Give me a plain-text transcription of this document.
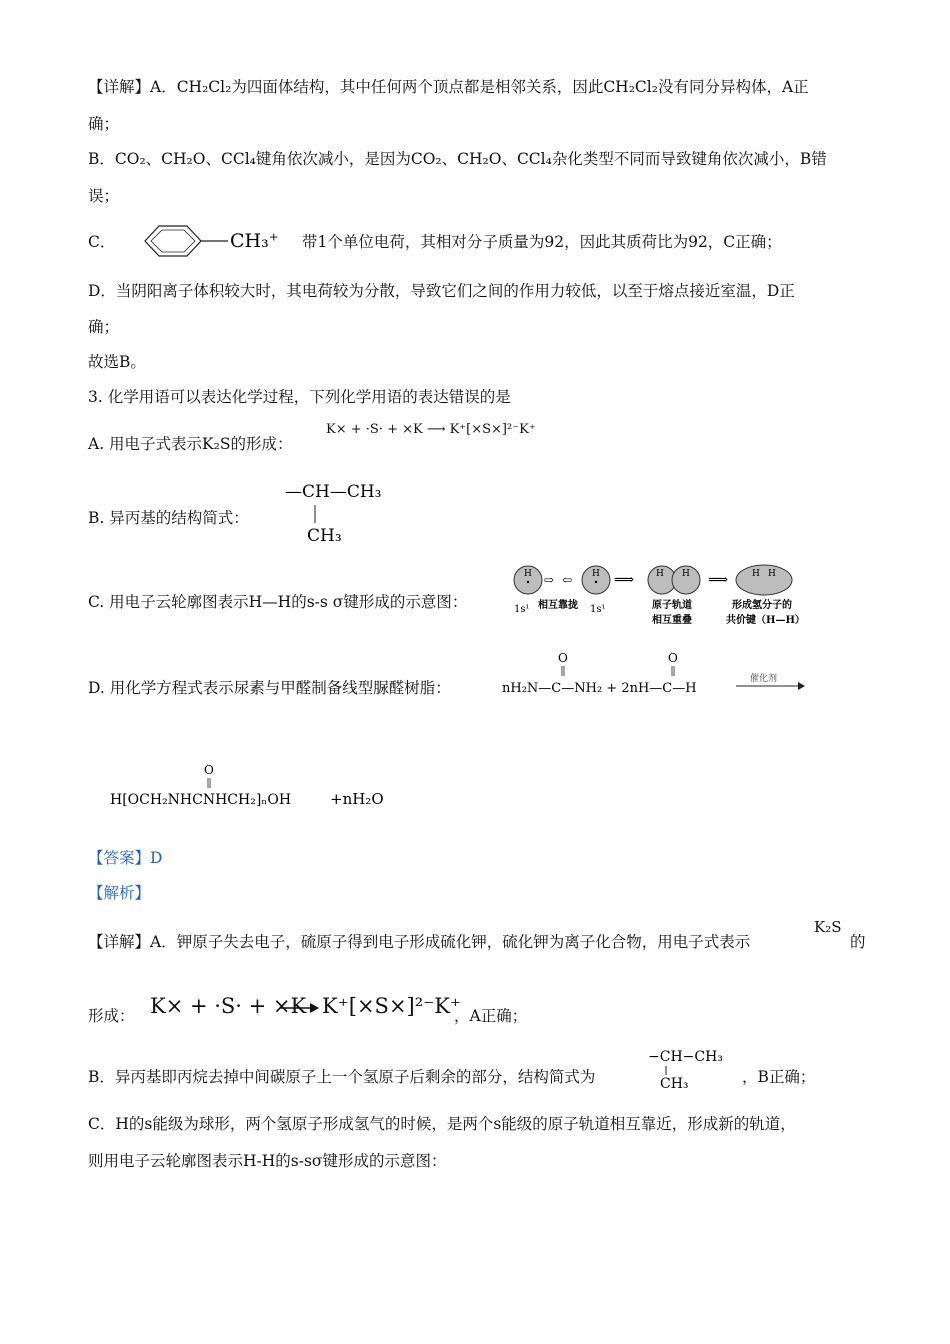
【详解】A．CH₂Cl₂为四面体结构，其中任何两个顶点都是相邻关系，因此CH₂Cl₂没有同分异构体，A正
确；
B．CO₂、CH₂O、CCl₄键角依次减小，是因为CO₂、CH₂O、CCl₄杂化类型不同而导致键角依次减小，B错
误；
C．	CH₃⁺ 带1个单位电荷，其相对分子质量为92，因此其质荷比为92，C正确；
D．当阴阳离子体积较大时，其电荷较为分散，导致它们之间的作用力较低，以至于熔点接近室温，D正
确；
故选B。
3. 化学用语可以表达化学过程，下列化学用语的表达错误的是
A. 用电子式表示K₂S的形成：
K× + ·S· + ×K ⟶ K⁺[×S×]²⁻K⁺
B. 异丙基的结构简式：
—CH—CH₃
CH₃
C. 用电子云轮廓图表示H—H的s-s σ键形成的示意图：
H ⇨ ⇦ H ⟹ H H ⟹	H H
1s¹ 相互靠拢 1s¹	原子轨道
相互重叠
形成氢分子的
共价键（H—H）
D. 用化学方程式表示尿素与甲醛制备线型脲醛树脂：
O	O
nH₂N—C—NH₂ + 2nH—C—H
催化剂
O
H[OCH₂NHCNHCH₂]ₙOH	+nH₂O
【答案】D
【解析】
【详解】A．钾原子失去电子，硫原子得到电子形成硫化钾，硫化钾为离子化合物，用电子式表示
K₂S
的
形成： K× + ·S· + ×K K⁺[×S×]²⁻K⁺
，A正确；
B．异丙基即丙烷去掉中间碳原子上一个氢原子后剩余的部分，结构简式为
−CH−CH₃
CH₃	，B正确；
C．H的s能级为球形，两个氢原子形成氢气的时候，是两个s能级的原子轨道相互靠近，形成新的轨道，
则用电子云轮廓图表示H-H的s-sσ键形成的示意图：
